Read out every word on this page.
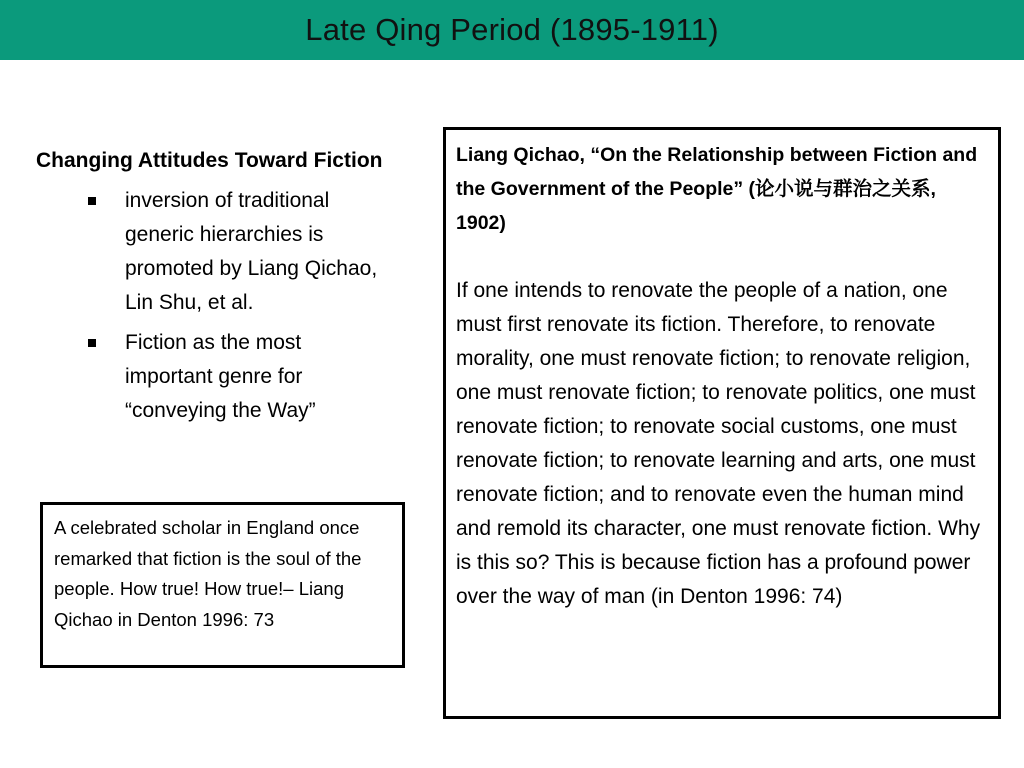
Late Qing Period (1895-1911)
Changing Attitudes Toward Fiction
inversion of traditional generic hierarchies is promoted by Liang Qichao, Lin Shu, et al.
Fiction as the most important genre for “conveying the Way”
A celebrated scholar in England once remarked that fiction is the soul of the people. How true! How true!– Liang Qichao in Denton 1996: 73
Liang Qichao, “On the Relationship between Fiction and the Government of the People” (论小说与群治之关系, 1902)
If one intends to renovate the people of a nation, one must first renovate its fiction. Therefore, to renovate morality, one must renovate fiction; to renovate religion, one must renovate fiction; to renovate politics, one must renovate fiction; to renovate social customs, one must renovate fiction; to renovate learning and arts, one must renovate fiction; and to renovate even the human mind and remold its character, one must renovate fiction. Why is this so? This is because fiction has a profound power over the way of man (in Denton 1996: 74)
